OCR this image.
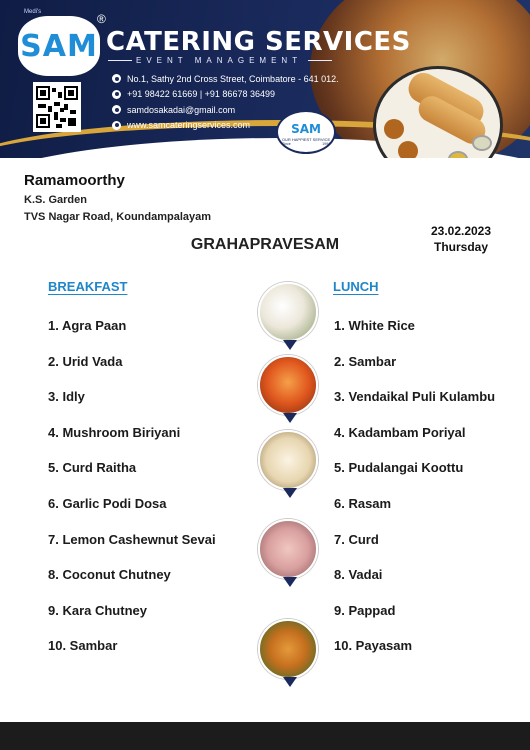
Medi's
SAM
®
CATERING SERVICES
EVENT MANAGEMENT
No.1, Sathy 2nd Cross Street, Coimbatore - 641 012.
+91 98422 61669 | +91 86678 36499
samdosakadai@gmail.com
www.samcateringservices.com	SAM
OUR HAPPIEST SERVICE
Since	1994
Ramamoorthy
K.S. Garden
TVS Nagar Road, Koundampalayam
23.02.2023
Thursday
GRAHAPRAVESAM
BREAKFAST	LUNCH
1. Agra Paan
2. Urid Vada
3. Idly
4. Mushroom Biriyani
5. Curd Raitha
6. Garlic Podi Dosa
7. Lemon Cashewnut Sevai
8. Coconut Chutney
9. Kara Chutney
10. Sambar
1. White Rice
2. Sambar
3. Vendaikal Puli Kulambu
4. Kadambam Poriyal
5. Pudalangai Koottu
6. Rasam
7. Curd
8. Vadai
9. Pappad
10. Payasam
